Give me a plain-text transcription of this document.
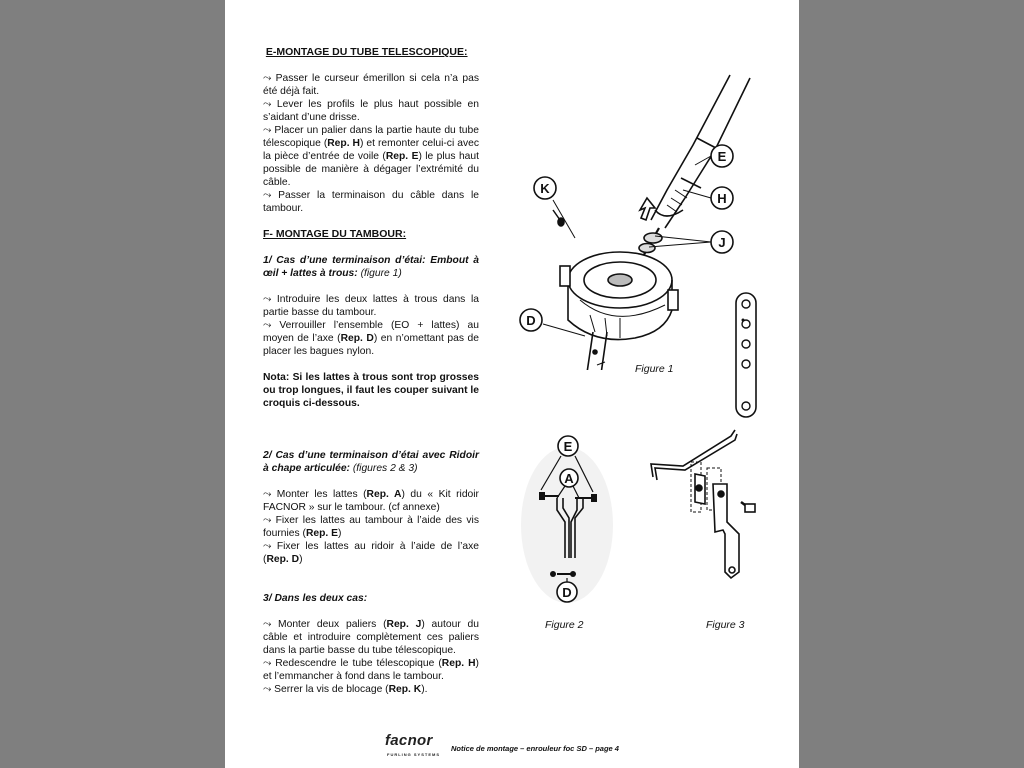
E-MONTAGE DU TUBE TELESCOPIQUE:

⤳ Passer le curseur émerillon si cela n’a pas été déjà fait.

⤳ Lever les profils le plus haut possible en s’aidant d’une drisse.

⤳ Placer un palier dans la partie haute du tube télescopique (Rep. H) et remonter celui-ci avec la pièce d’entrée de voile (Rep. E) le plus haut possible de manière à dégager l’extrémité du câble.

⤳ Passer la terminaison du câble dans le tambour.

F- MONTAGE DU TAMBOUR:

1/ Cas d’une terminaison d’étai: Embout à œil + lattes à trous: (figure 1)

⤳ Introduire les deux lattes à trous dans la partie basse du tambour.

⤳ Verrouiller l’ensemble (EO + lattes) au moyen de l’axe (Rep. D) en n’omettant pas de placer les bagues nylon.

Nota: Si les lattes à trous sont trop grosses ou trop longues, il faut les couper suivant le croquis ci-dessous.

2/ Cas d’une terminaison d’étai avec Ridoir à chape articulée: (figures 2 & 3)

⤳ Monter les lattes (Rep. A) du « Kit ridoir FACNOR » sur le tambour. (cf annexe)

⤳ Fixer les lattes au tambour à l’aide des vis fournies (Rep. E)

⤳ Fixer les lattes au ridoir à l’aide de l’axe (Rep. D)

3/ Dans les deux cas:

⤳ Monter deux paliers (Rep. J) autour du câble et introduire complètement ces paliers dans la partie basse du tube télescopique.

⤳ Redescendre le tube télescopique (Rep. H) et l’emmancher à fond dans le tambour.

⤳ Serrer la vis de blocage (Rep. K).

E
H
J
K
D
Figure 1
E
A
D
Figure 2	Figure 3
facnor
FURLING SYSTEMS
Notice de montage – enrouleur foc SD – page 4
